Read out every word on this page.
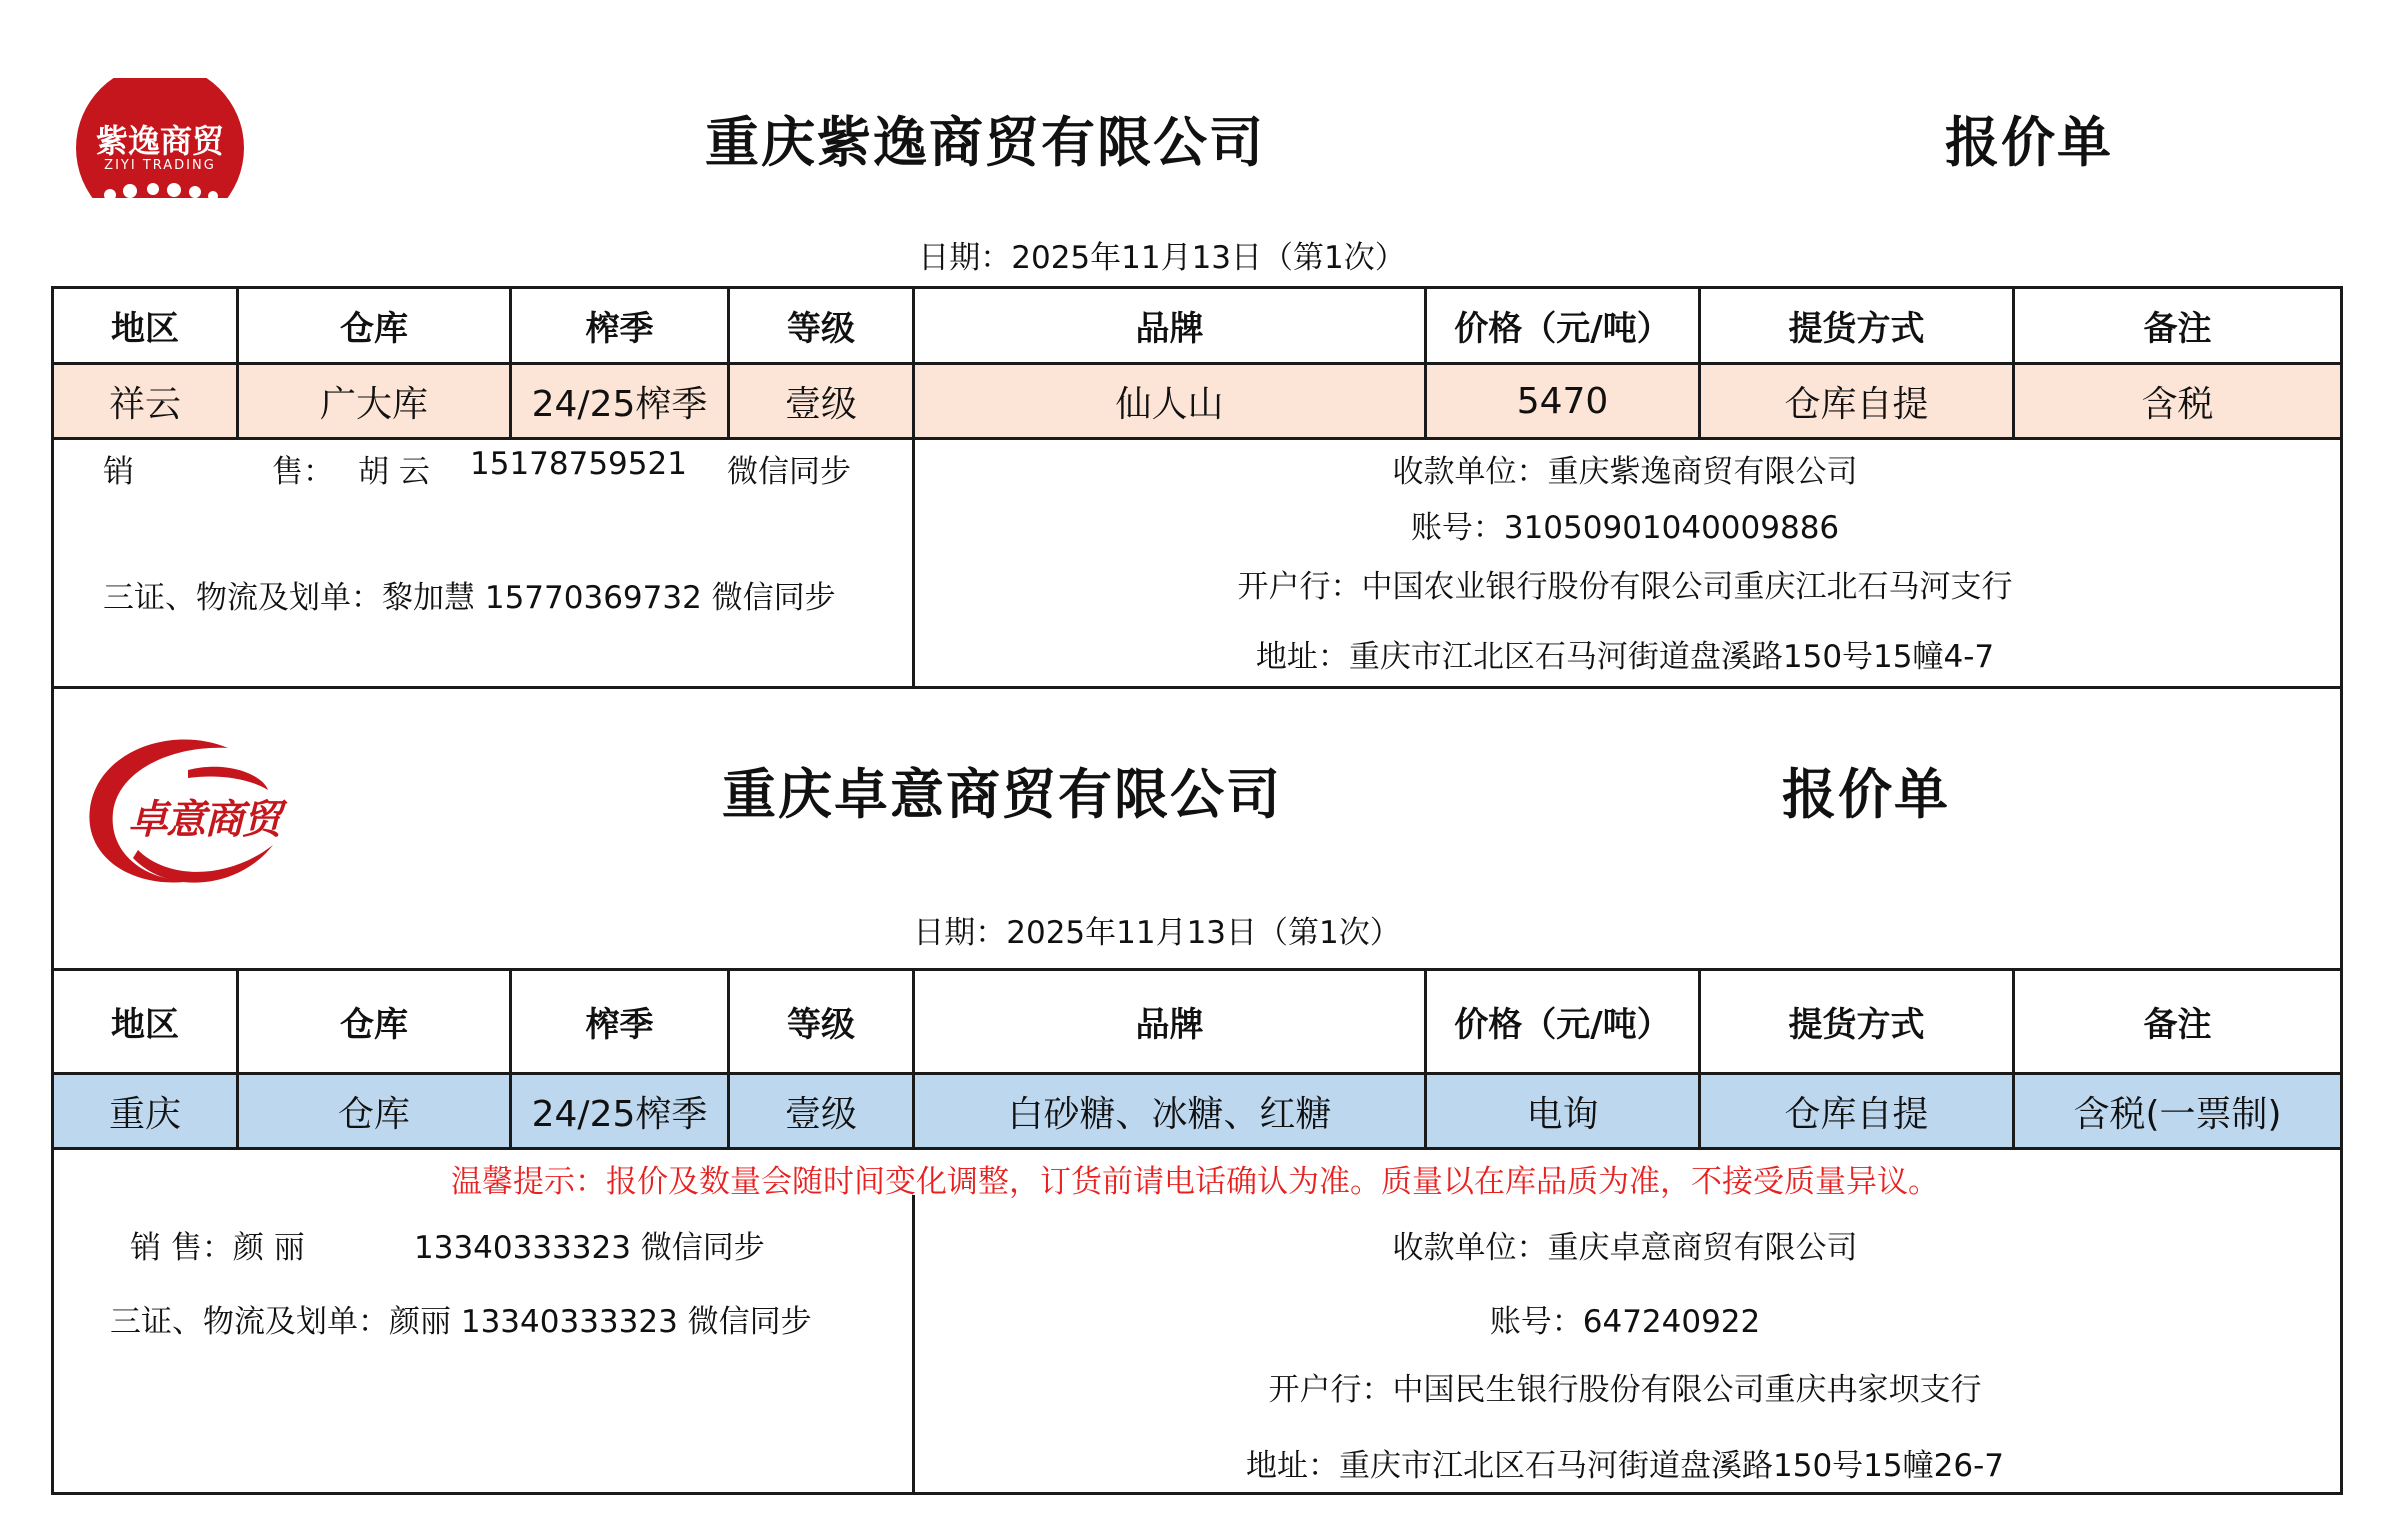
紫逸商贸
ZIYI TRADING	重庆紫逸商贸有限公司	报价单
日期：2025年11月13日（第1次）
地区	仓库	榨季	等级	品牌	价格（元/吨）	提货方式	备注
祥云	广大库	24/25榨季	壹级	仙人山	5470	仓库自提	含税
销	售： 胡 云 15178759521 微信同步
三证、物流及划单：黎加慧 15770369732 微信同步
收款单位：重庆紫逸商贸有限公司
账号：31050901040009886
开户行：中国农业银行股份有限公司重庆江北石马河支行
地址：重庆市江北区石马河街道盘溪路150号15幢4-7
卓意商贸	重庆卓意商贸有限公司	报价单
日期：2025年11月13日（第1次）
地区	仓库	榨季	等级	品牌	价格（元/吨）	提货方式	备注
重庆	仓库	24/25榨季	壹级	白砂糖、冰糖、红糖	电询	仓库自提	含税(一票制)
温馨提示：报价及数量会随时间变化调整，订货前请电话确认为准。质量以在库品质为准，不接受质量异议。
销 售：颜 丽	13340333323 微信同步
三证、物流及划单：颜丽 13340333323 微信同步
收款单位：重庆卓意商贸有限公司
账号：647240922
开户行：中国民生银行股份有限公司重庆冉家坝支行
地址：重庆市江北区石马河街道盘溪路150号15幢26-7
